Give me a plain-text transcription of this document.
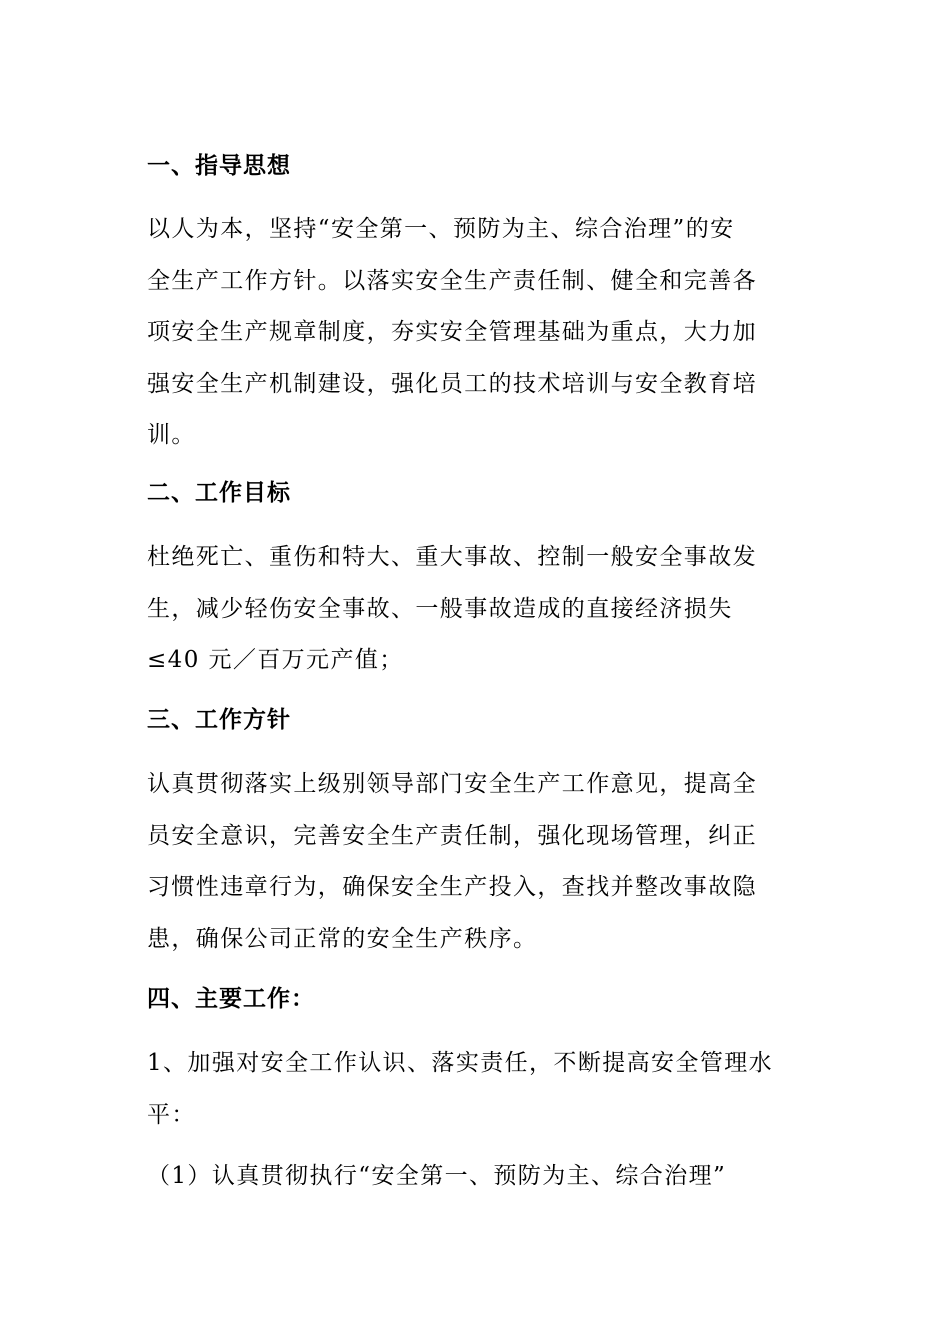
一、指导思想
以人为本，坚持“安全第一、预防为主、综合治理”的安
全生产工作方针。以落实安全生产责任制、健全和完善各
项安全生产规章制度，夯实安全管理基础为重点，大力加
强安全生产机制建设，强化员工的技术培训与安全教育培
训。
二、工作目标
杜绝死亡、重伤和特大、重大事故、控制一般安全事故发
生，减少轻伤安全事故、一般事故造成的直接经济损失
≤40 元／百万元产值；
三、工作方针
认真贯彻落实上级别领导部门安全生产工作意见，提高全
员安全意识，完善安全生产责任制，强化现场管理，纠正
习惯性违章行为，确保安全生产投入，查找并整改事故隐
患，确保公司正常的安全生产秩序。
四、主要工作：
1、加强对安全工作认识、落实责任，不断提高安全管理水
平：
（1）认真贯彻执行“安全第一、预防为主、综合治理”
